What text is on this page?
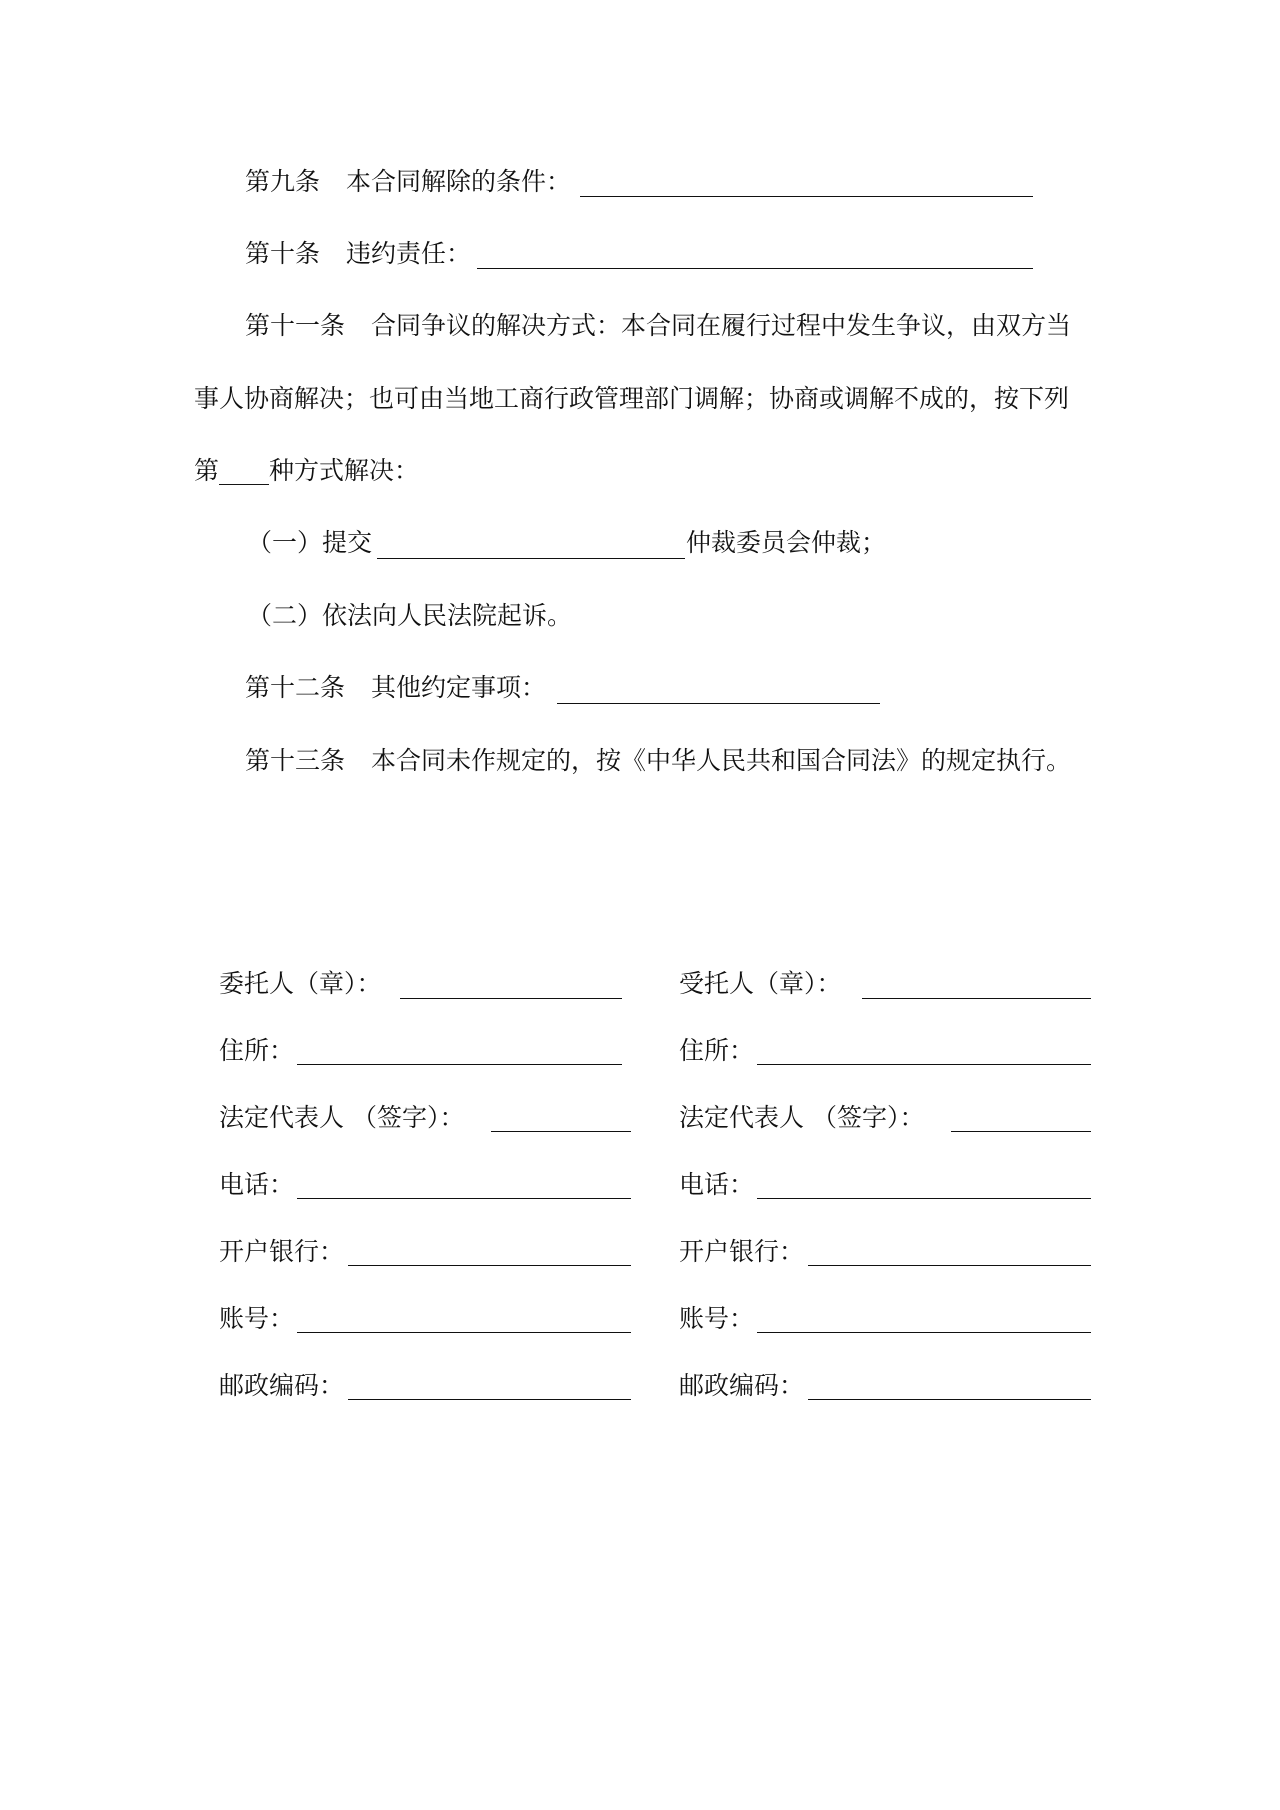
第九条 本合同解除的条件：
第十条 违约责任：
第十一条 合同争议的解决方式：本合同在履行过程中发生争议，由双方当
事人协商解决；也可由当地工商行政管理部门调解；协商或调解不成的，按下列
第____种方式解决：
（一）提交	仲裁委员会仲裁；
（二）依法向人民法院起诉。
第十二条 其他约定事项：
第十三条 本合同未作规定的，按《中华人民共和国合同法》的规定执行。
委托人（章）：
住所：
法定代表人 （签字）：
电话：
开户银行：
账号：
邮政编码：
受托人（章）：
住所：
法定代表人 （签字）：
电话：
开户银行：
账号：
邮政编码：
